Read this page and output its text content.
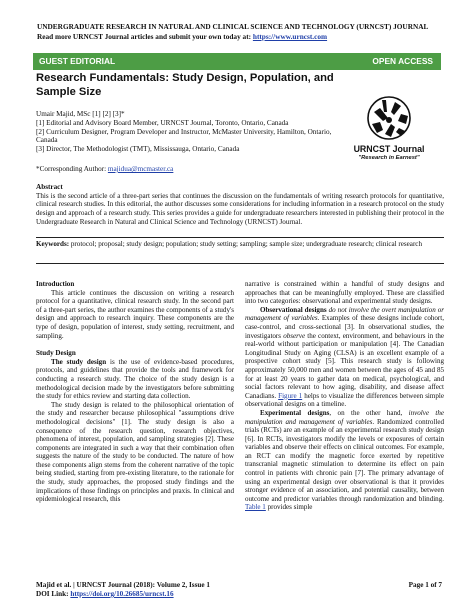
UNDERGRADUATE RESEARCH IN NATURAL AND CLINICAL SCIENCE AND TECHNOLOGY (URNCST) JOURNAL
Read more URNCST Journal articles and submit your own today at: https://www.urncst.com
GUEST EDITORIAL	OPEN ACCESS
Research Fundamentals: Study Design, Population, and Sample Size
Umair Majid, MSc [1] [2] [3]*
[1] Editorial and Advisory Board Member, URNCST Journal, Toronto, Ontario, Canada
[2] Curriculum Designer, Program Developer and Instructor, McMaster University, Hamilton, Ontario, Canada
[3] Director, The Methodologist (TMT), Mississauga, Ontario, Canada
*Corresponding Author: majidua@mcmaster.ca
URNCST Journal
"Research in Earnest"
Abstract
This is the second article of a three-part series that continues the discussion on the fundamentals of writing research protocols for quantitative, clinical research studies. In this editorial, the author discusses some considerations for including information in a research protocol on the study design and approach of a research study. This series provides a guide for undergraduate researchers interested in publishing their protocol in the Undergraduate Research in Natural and Clinical Science and Technology (URNCST) Journal.
Keywords: protocol; proposal; study design; population; study setting; sampling; sample size; undergraduate research; clinical research

Introduction

This article continues the discussion on writing a research protocol for a quantitative, clinical research study. In the second part of a three-part series, the author examines the components of a study's design and approach to research inquiry. These components are the type of design, population of interest, study setting, recruitment, and sampling.

Study Design

The study design is the use of evidence-based procedures, protocols, and guidelines that provide the tools and framework for conducting a research study. The choice of the study design is a methodological decision made by the investigators before submitting the study for ethics review and starting data collection.

The study design is related to the philosophical orientation of the study and researcher because philosophical "assumptions drive methodological decisions" [1]. The study design is also a consequence of the research question, research objectives, phenomena of interest, population, and sampling strategies [2]. These components are integrated in such a way that their combination often suggests the nature of the study to be conducted. The nature of how these components align stems from the coherent narrative of the topic being studied, starting from pre-existing literature, to the rationale for the study, study approaches, the proposed study findings and the implications of those findings on principles and praxis. In clinical and epidemiological research, this

narrative is constrained within a handful of study designs and approaches that can be meaningfully employed. These are classified into two categories: observational and experimental study designs.

Observational designs do not involve the overt manipulation or management of variables. Examples of these designs include cohort, case-control, and cross-sectional [3]. In observational studies, the investigators observe the context, environment, and behaviours in the real-world without participation or manipulation [4]. The Canadian Longitudinal Study on Aging (CLSA) is an excellent example of a prospective cohort study [5]. This research study is following approximately 50,000 men and women between the ages of 45 and 85 for at least 20 years to gather data on medical, psychological, and social factors relevant to how aging, disability, and disease affect Canadians. Figure 1 helps to visualize the differences between simple observational designs on a timeline.

Experimental designs, on the other hand, involve the manipulation and management of variables. Randomized controlled trials (RCTs) are an example of an experimental research study design [6]. In RCTs, investigators modify the levels or exposures of certain variables and observe their effects on clinical outcomes. For example, an RCT can modify the magnetic force exerted by repetitive transcranial magnetic stimulation to determine its effect on pain control in patients with chronic pain [7]. The primary advantage of using an experimental design over observational is that it provides stronger evidence of an association, and potential causality, between outcome and predictor variables through randomization and blinding. Table 1 provides simple

Majid et al. | URNCST Journal (2018): Volume 2, Issue 1
DOI Link: https://doi.org/10.26685/urncst.16
Page 1 of 7
